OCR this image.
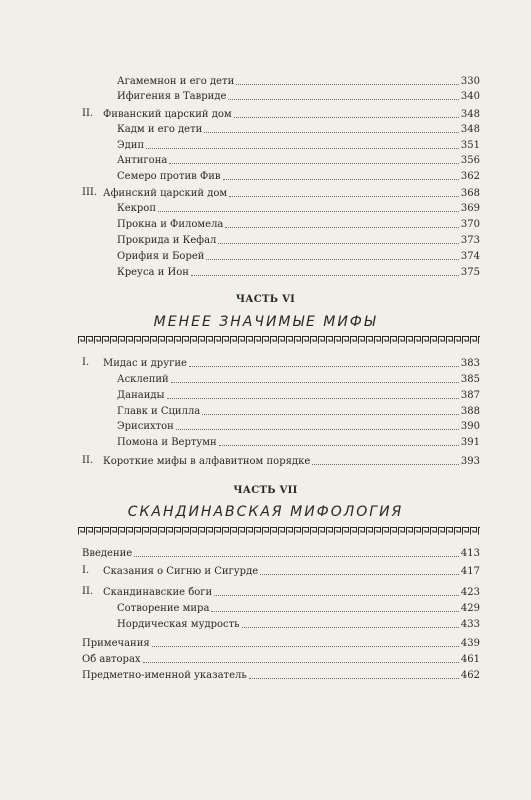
Агамемнон и его дети	330
Ифигения в Тавриде	340
II. Фиванский царский дом	348
Кадм и его дети	348
Эдип	351
Антигона	356
Семеро против Фив	362
III. Афинский царский дом	368
Кекроп	369
Прокна и Филомела	370
Прокрида и Кефал	373
Орифия и Борей	374
Креуса и Ион	375
ЧАСТЬ VI
МЕНЕЕ ЗНАЧИМЫЕ МИФЫ
I. Мидас и другие	383
Асклепий	385
Данаиды	387
Главк и Сцилла	388
Эрисихтон	390
Помона и Вертумн	391
II. Короткие мифы в алфавитном порядке	393
ЧАСТЬ VII
СКАНДИНАВСКАЯ МИФОЛОГИЯ
Введение	413
I. Сказания о Сигню и Сигурде	417
II. Скандинавские боги	423
Сотворение мира	429
Нордическая мудрость	433
Примечания	439
Об авторах	461
Предметно-именной указатель	462
